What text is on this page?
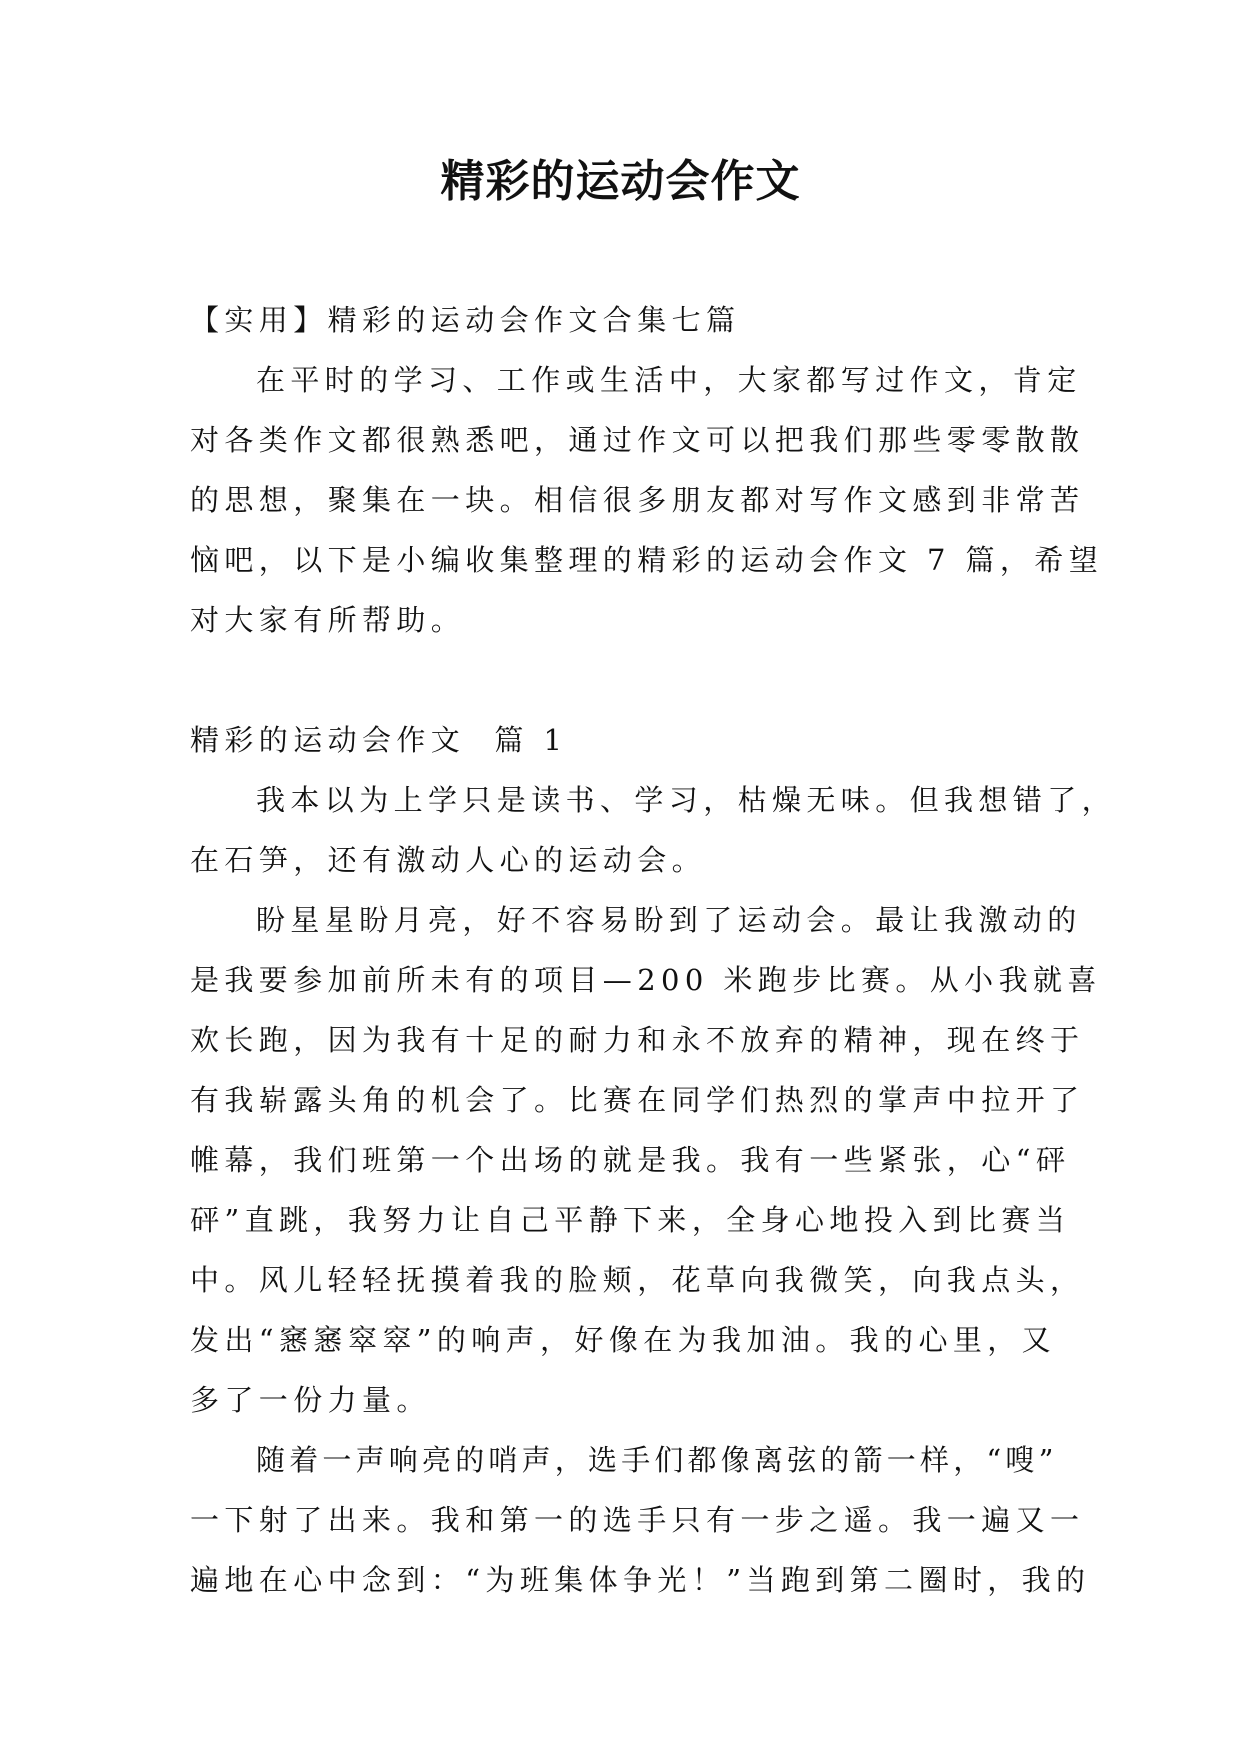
精彩的运动会作文

【实用】精彩的运动会作文合集七篇

在平时的学习、工作或生活中，大家都写过作文，肯定

对各类作文都很熟悉吧，通过作文可以把我们那些零零散散

的思想，聚集在一块。相信很多朋友都对写作文感到非常苦

恼吧，以下是小编收集整理的精彩的运动会作文 7 篇，希望

对大家有所帮助。

精彩的运动会作文  篇 1

我本以为上学只是读书、学习，枯燥无味。但我想错了，

在石笋，还有激动人心的运动会。

盼星星盼月亮，好不容易盼到了运动会。最让我激动的

是我要参加前所未有的项目—200 米跑步比赛。从小我就喜

欢长跑，因为我有十足的耐力和永不放弃的精神，现在终于

有我崭露头角的机会了。比赛在同学们热烈的掌声中拉开了

帷幕，我们班第一个出场的就是我。我有一些紧张，心“砰

砰”直跳，我努力让自己平静下来，全身心地投入到比赛当

中。风儿轻轻抚摸着我的脸颊，花草向我微笑，向我点头，

发出“窸窸窣窣”的响声，好像在为我加油。我的心里，又

多了一份力量。

随着一声响亮的哨声，选手们都像离弦的箭一样，“嗖”

一下射了出来。我和第一的选手只有一步之遥。我一遍又一

遍地在心中念到：“为班集体争光！”当跑到第二圈时，我的
